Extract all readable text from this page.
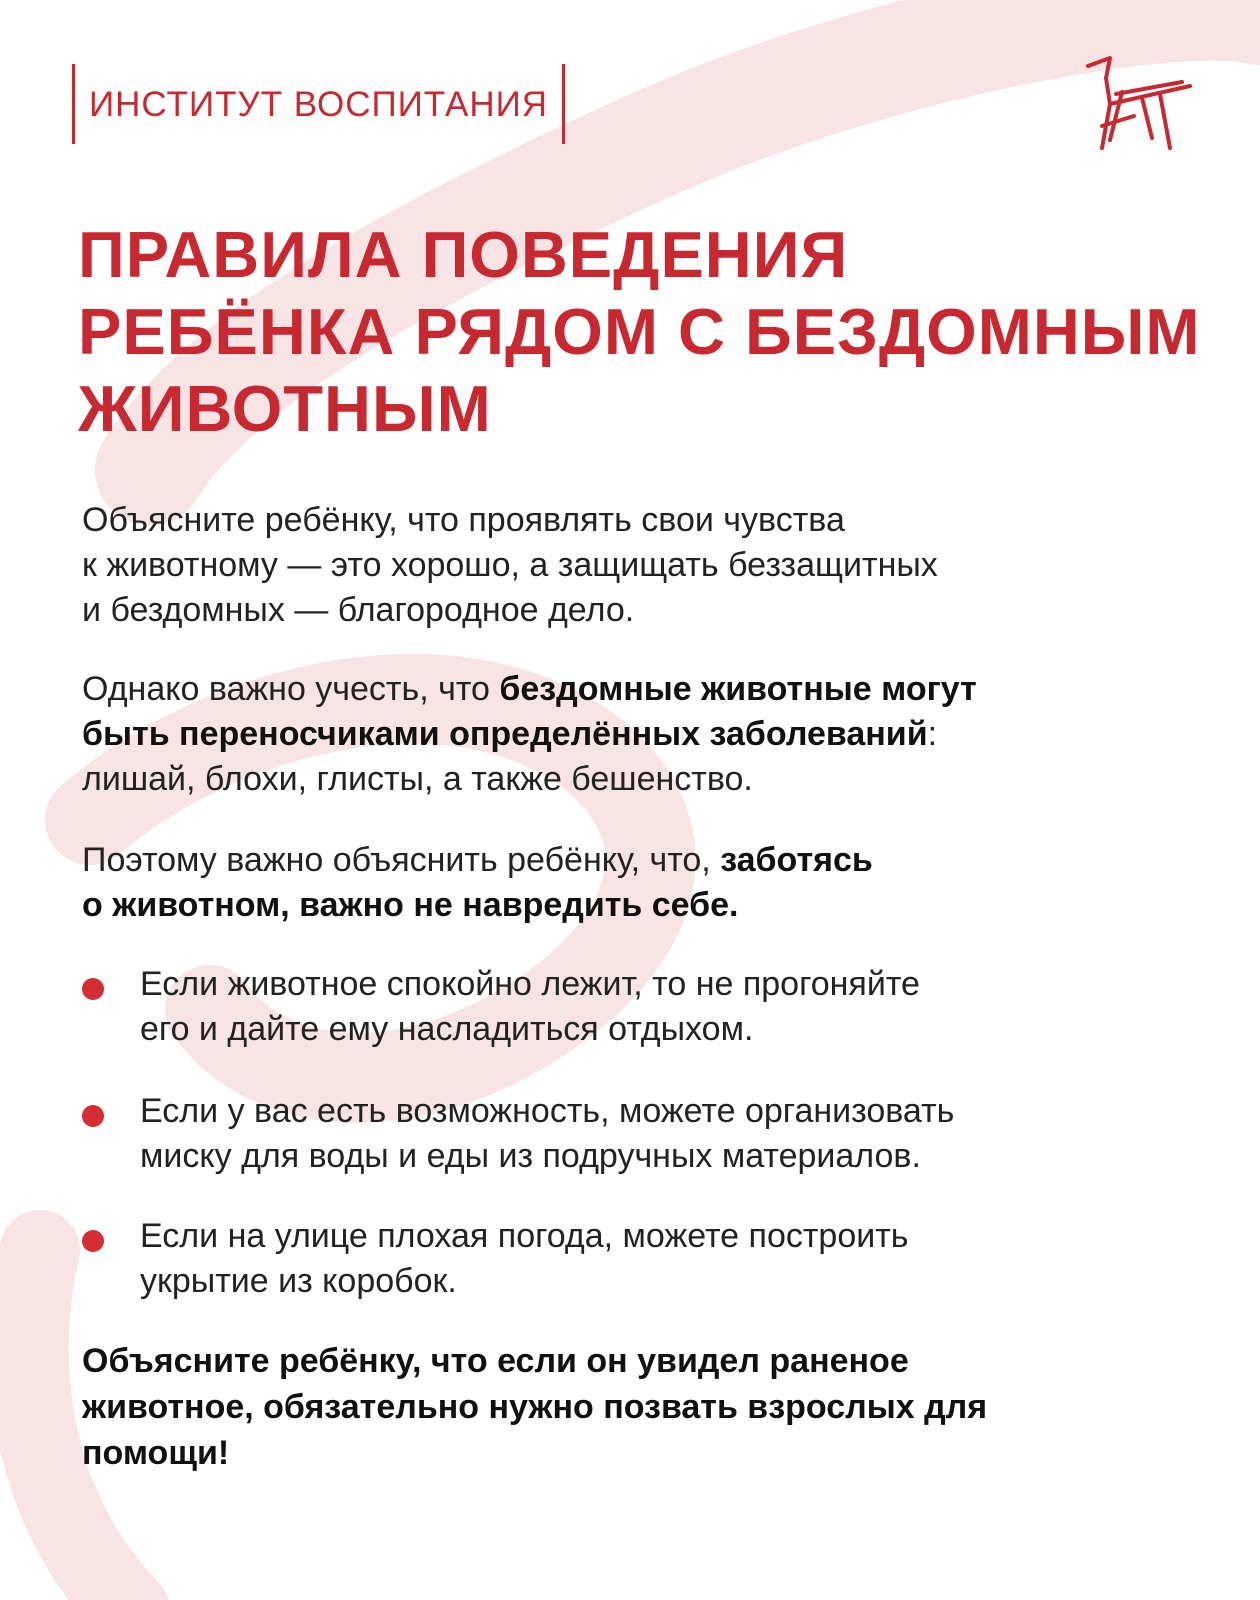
ИНСТИТУТ ВОСПИТАНИЯ
ПРАВИЛА ПОВЕДЕНИЯ
РЕБЁНКА РЯДОМ С БЕЗДОМНЫМ
ЖИВОТНЫМ

Объясните ребёнку, что проявлять свои чувства
к животному — это хорошо, а защищать беззащитных
и бездомных — благородное дело.

Однако важно учесть, что бездомные животные могут
быть переносчиками определённых заболеваний:
лишай, блохи, глисты, а также бешенство.

Поэтому важно объяснить ребёнку, что, заботясь
о животном, важно не навредить себе.

Если животное спокойно лежит, то не прогоняйте
его и дайте ему насладиться отдыхом.
Если у вас есть возможность, можете организовать
миску для воды и еды из подручных материалов.
Если на улице плохая погода, можете построить
укрытие из коробок.

Объясните ребёнку, что если он увидел раненое
животное, обязательно нужно позвать взрослых для
помощи!
